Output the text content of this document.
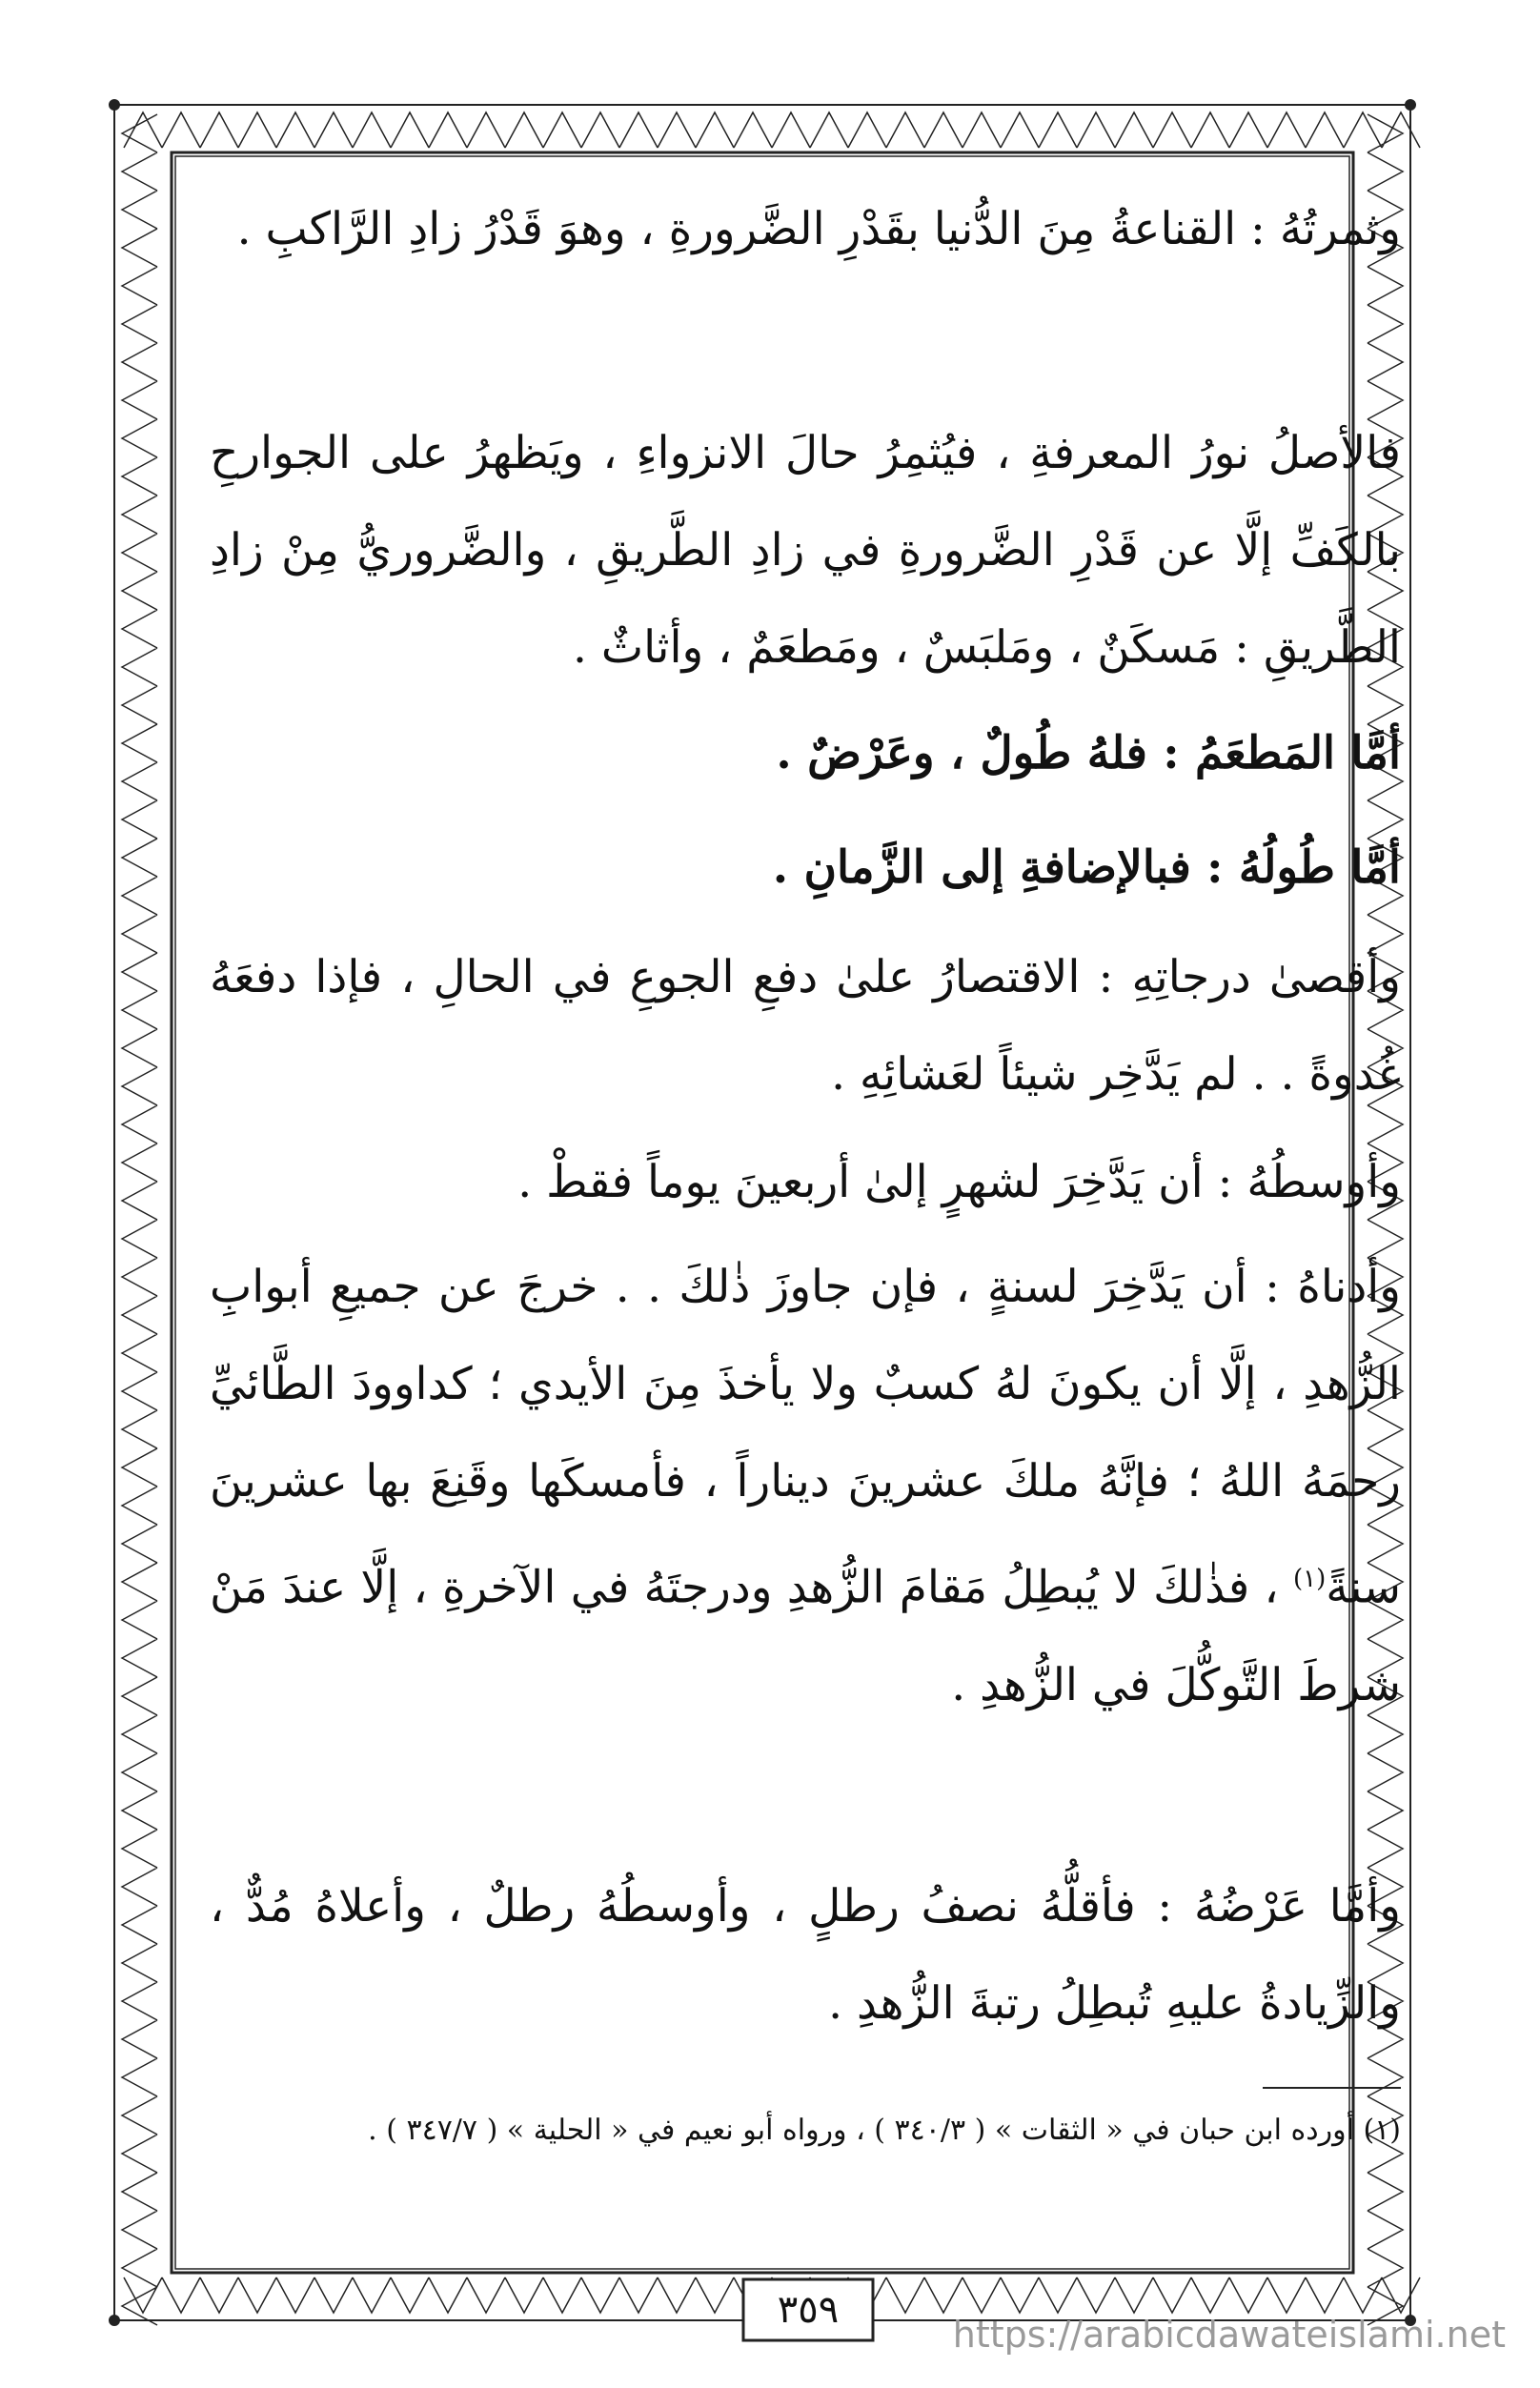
وثمرتُهُ : القناعةُ مِنَ الدُّنيا بقَدْرِ الضَّرورةِ ، وهوَ قَدْرُ زادِ الرَّاكبِ .

فالأصلُ نورُ المعرفةِ ، فيُثمِرُ حالَ الانزواءِ ، ويَظهرُ على الجوارحِ بالكَفِّ إلَّا عن قَدْرِ الضَّرورةِ في زادِ الطَّريقِ ، والضَّروريُّ مِنْ زادِ الطَّريقِ : مَسكَنٌ ، ومَلبَسٌ ، ومَطعَمٌ ، وأثاثٌ .

أمَّا المَطعَمُ : فلهُ طُولٌ ، وعَرْضٌ .

أمَّا طُولُهُ : فبالإضافةِ إلى الزَّمانِ .

وأقصىٰ درجاتِهِ : الاقتصارُ علىٰ دفعِ الجوعِ في الحالِ ، فإذا دفعَهُ غُدوةً . . لم يَدَّخِر شيئاً لعَشائِهِ .

وأوسطُهُ : أن يَدَّخِرَ لشهرٍ إلىٰ أربعينَ يوماً فقطْ .

وأدناهُ : أن يَدَّخِرَ لسنةٍ ، فإن جاوزَ ذٰلكَ . . خرجَ عن جميعِ أبوابِ الزُّهدِ ، إلَّا أن يكونَ لهُ كسبٌ ولا يأخذَ مِنَ الأيدي ؛ كداوودَ الطَّائيِّ رحمَهُ اللهُ ؛ فإنَّهُ ملكَ عشرينَ ديناراً ، فأمسكَها وقَنِعَ بها عشرينَ سنةً$^{(١)}$ ، فذٰلكَ لا يُبطِلُ مَقامَ الزُّهدِ ودرجتَهُ في الآخرةِ ، إلَّا عندَ مَنْ شرطَ التَّوكُّلَ في الزُّهدِ .

وأمَّا عَرْضُهُ : فأقلُّهُ نصفُ رطلٍ ، وأوسطُهُ رطلٌ ، وأعلاهُ مُدٌّ ، والزِّيادةُ عليهِ تُبطِلُ رتبةَ الزُّهدِ .

(١) أورده ابن حبان في « الثقات » ( ٣٤٠/٣ ) ، ورواه أبو نعيم في « الحلية » ( ٣٤٧/٧ ) .
٣٥٩
https://arabicdawateislami.net
